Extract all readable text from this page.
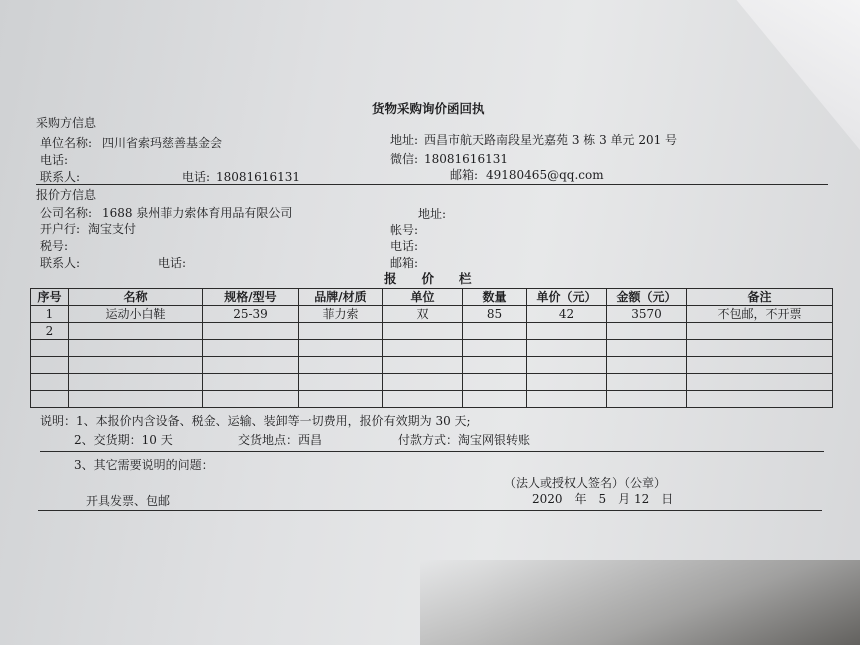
货物采购询价函回执
采购方信息
单位名称: 四川省索玛慈善基金会	地址: 西昌市航天路南段星光嘉苑 3 栋 3 单元 201 号
电话:	微信: 18081616131
联系人:	电话: 18081616131	邮箱: 49180465@qq.com
报价方信息
公司名称: 1688 泉州菲力索体育用品有限公司	地址:
开户行: 淘宝支付	帐号:
税号:	电话:
联系人:	电话:	邮箱:
报　　价　　栏
序号	名称	规格/型号	品牌/材质	单位	数量	单价（元）	金额（元）	备注
1	运动小白鞋	25-39	菲力索	双	85	42	3570	不包邮，不开票
2								

说明：1、本报价内含设备、税金、运输、装卸等一切费用，报价有效期为 30 天;
2、交货期：10 天	交货地点：西昌	付款方式：淘宝网银转账
3、其它需要说明的问题：
（法人或授权人签名）（公章）
开具发票、包邮	2020　年　5　月 12　日
